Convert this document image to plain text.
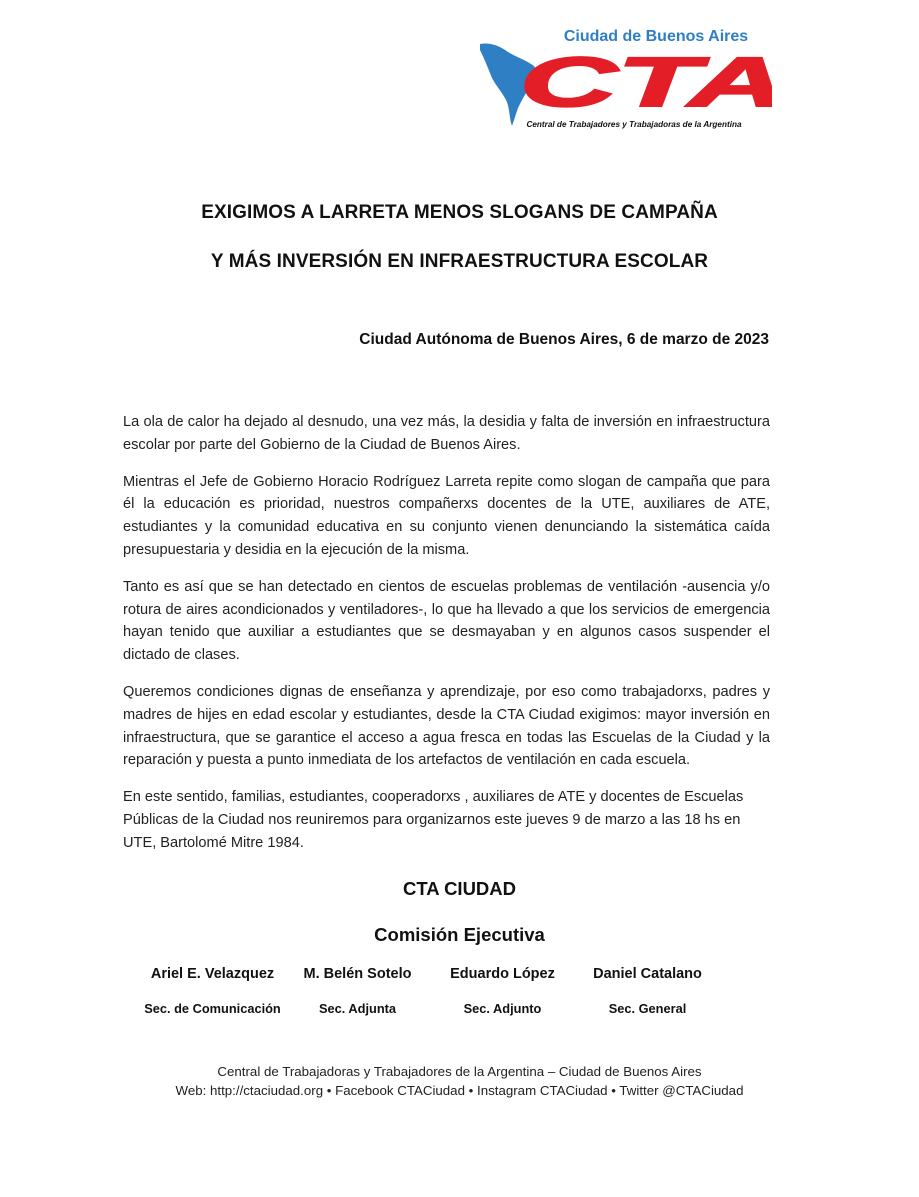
Ciudad de Buenos Aires
CTA
Central de Trabajadores y Trabajadoras de la Argentina
EXIGIMOS A LARRETA MENOS SLOGANS DE CAMPAÑA
Y MÁS INVERSIÓN EN INFRAESTRUCTURA ESCOLAR
Ciudad Autónoma de Buenos Aires, 6 de marzo de 2023

La ola de calor ha dejado al desnudo, una vez más, la desidia y falta de inversión en infraestructura escolar por parte del Gobierno de la Ciudad de Buenos Aires.

Mientras el Jefe de Gobierno Horacio Rodríguez Larreta repite como slogan de campaña que para él la educación es prioridad, nuestros compañerxs docentes de la UTE, auxiliares de ATE, estudiantes y la comunidad educativa en su conjunto vienen denunciando la sistemática caída presupuestaria y desidia en la ejecución de la misma.

Tanto es así que se han detectado en cientos de escuelas problemas de ventilación -ausencia y/o rotura de aires acondicionados y ventiladores-, lo que ha llevado a que los servicios de emergencia hayan tenido que auxiliar a estudiantes que se desmayaban y en algunos casos suspender el dictado de clases.

Queremos condiciones dignas de enseñanza y aprendizaje, por eso como trabajadorxs, padres y madres de hijes en edad escolar y estudiantes, desde la CTA Ciudad exigimos: mayor inversión en infraestructura, que se garantice el acceso a agua fresca en todas las Escuelas de la Ciudad y la reparación y puesta a punto inmediata de los artefactos de ventilación en cada escuela.

En este sentido, familias, estudiantes, cooperadorxs , auxiliares de ATE y docentes de Escuelas Públicas de la Ciudad nos reuniremos para organizarnos este jueves 9 de marzo a las 18 hs en UTE, Bartolomé Mitre 1984.

CTA CIUDAD
Comisión Ejecutiva
Ariel E. Velazquez
Sec. de Comunicación
M. Belén Sotelo
Sec. Adjunta
Eduardo López
Sec. Adjunto
Daniel Catalano
Sec. General
Central de Trabajadoras y Trabajadores de la Argentina – Ciudad de Buenos Aires
Web: http://ctaciudad.org • Facebook CTACiudad • Instagram CTACiudad • Twitter @CTACiudad
